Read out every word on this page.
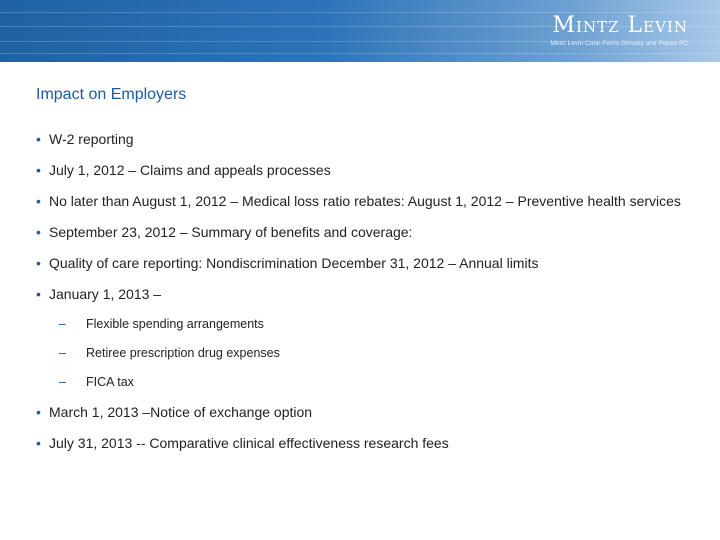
Mintz Levin
Mintz Levin Cohn Ferris Glovsky and Popeo PC
Impact on Employers
• W-2 reporting
• July 1, 2012 – Claims and appeals processes
• No later than August 1, 2012 – Medical loss ratio rebates: August 1, 2012 – Preventive health services
• September 23, 2012 – Summary of benefits and coverage:
• Quality of care reporting: Nondiscrimination December 31, 2012 – Annual limits
• January 1, 2013 –
– Flexible spending arrangements
– Retiree prescription drug expenses
– FICA tax
• March 1, 2013 –Notice of exchange option
• July 31, 2013 -- Comparative clinical effectiveness research fees
